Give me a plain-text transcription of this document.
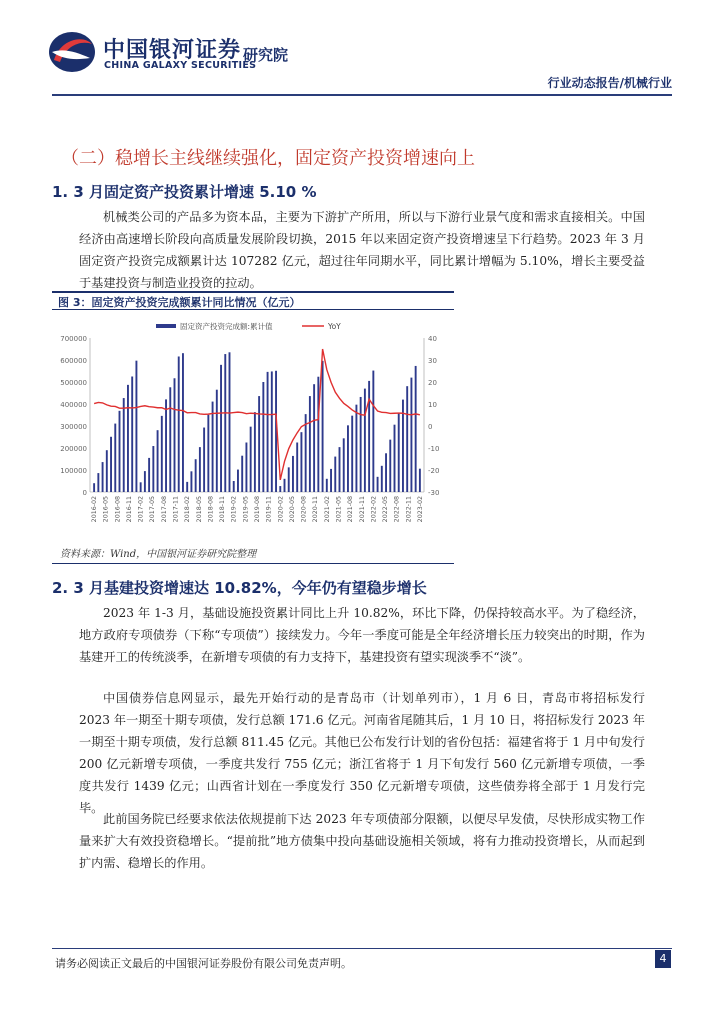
中国银河证券
CHINA GALAXY SECURITIES
研究院
行业动态报告/机械行业
（二）稳增长主线继续强化，固定资产投资增速向上
1. 3 月固定资产投资累计增速 5.10 %
机械类公司的产品多为资本品，主要为下游扩产所用，所以与下游行业景气度和需求直接相关。中国经济由高速增长阶段向高质量发展阶段切换，2015 年以来固定资产投资增速呈下行趋势。2023 年 3 月固定资产投资完成额累计达 107282 亿元，超过往年同期水平，同比累计增幅为 5.10%，增长主要受益于基建投资与制造业投资的拉动。
图 3：固定资产投资完成额累计同比情况（亿元）
700000
600000
500000
400000
300000
200000
100000
0
40
30
20
10
0
-10
-20
-30
2016-02 2016-05 2016-08 2016-11 2017-02 2017-05 2017-08 2017-11 2018-02 2018-05 2018-08 2018-11 2019-02 2019-05 2019-08 2019-11 2020-02 2020-05 2020-08 2020-11 2021-02 2021-05 2021-08 2021-11 2022-02 2022-05 2022-08 2022-11 2023-02
固定资产投资完成额:累计值	YoY
资料来源：Wind，中国银河证券研究院整理
2. 3 月基建投资增速达 10.82%，今年仍有望稳步增长
2023 年 1-3 月，基础设施投资累计同比上升 10.82%，环比下降，仍保持较高水平。为了稳经济，地方政府专项债券（下称“专项债”）接续发力。今年一季度可能是全年经济增长压力较突出的时期，作为基建开工的传统淡季，在新增专项债的有力支持下，基建投资有望实现淡季不“淡”。
中国债券信息网显示，最先开始行动的是青岛市（计划单列市），1 月 6 日，青岛市将招标发行 2023 年一期至十期专项债，发行总额 171.6 亿元。河南省尾随其后，1 月 10 日，将招标发行 2023 年一期至十期专项债，发行总额 811.45 亿元。其他已公布发行计划的省份包括：福建省将于 1 月中旬发行 200 亿元新增专项债，一季度共发行 755 亿元；浙江省将于 1 月下旬发行 560 亿元新增专项债，一季度共发行 1439 亿元；山西省计划在一季度发行 350 亿元新增专项债，这些债券将全部于 1 月发行完毕。
此前国务院已经要求依法依规提前下达 2023 年专项债部分限额，以便尽早发债，尽快形成实物工作量来扩大有效投资稳增长。“提前批”地方债集中投向基础设施相关领域，将有力推动投资增长，从而起到扩内需、稳增长的作用。
请务必阅读正文最后的中国银河证券股份有限公司免责声明。	4
